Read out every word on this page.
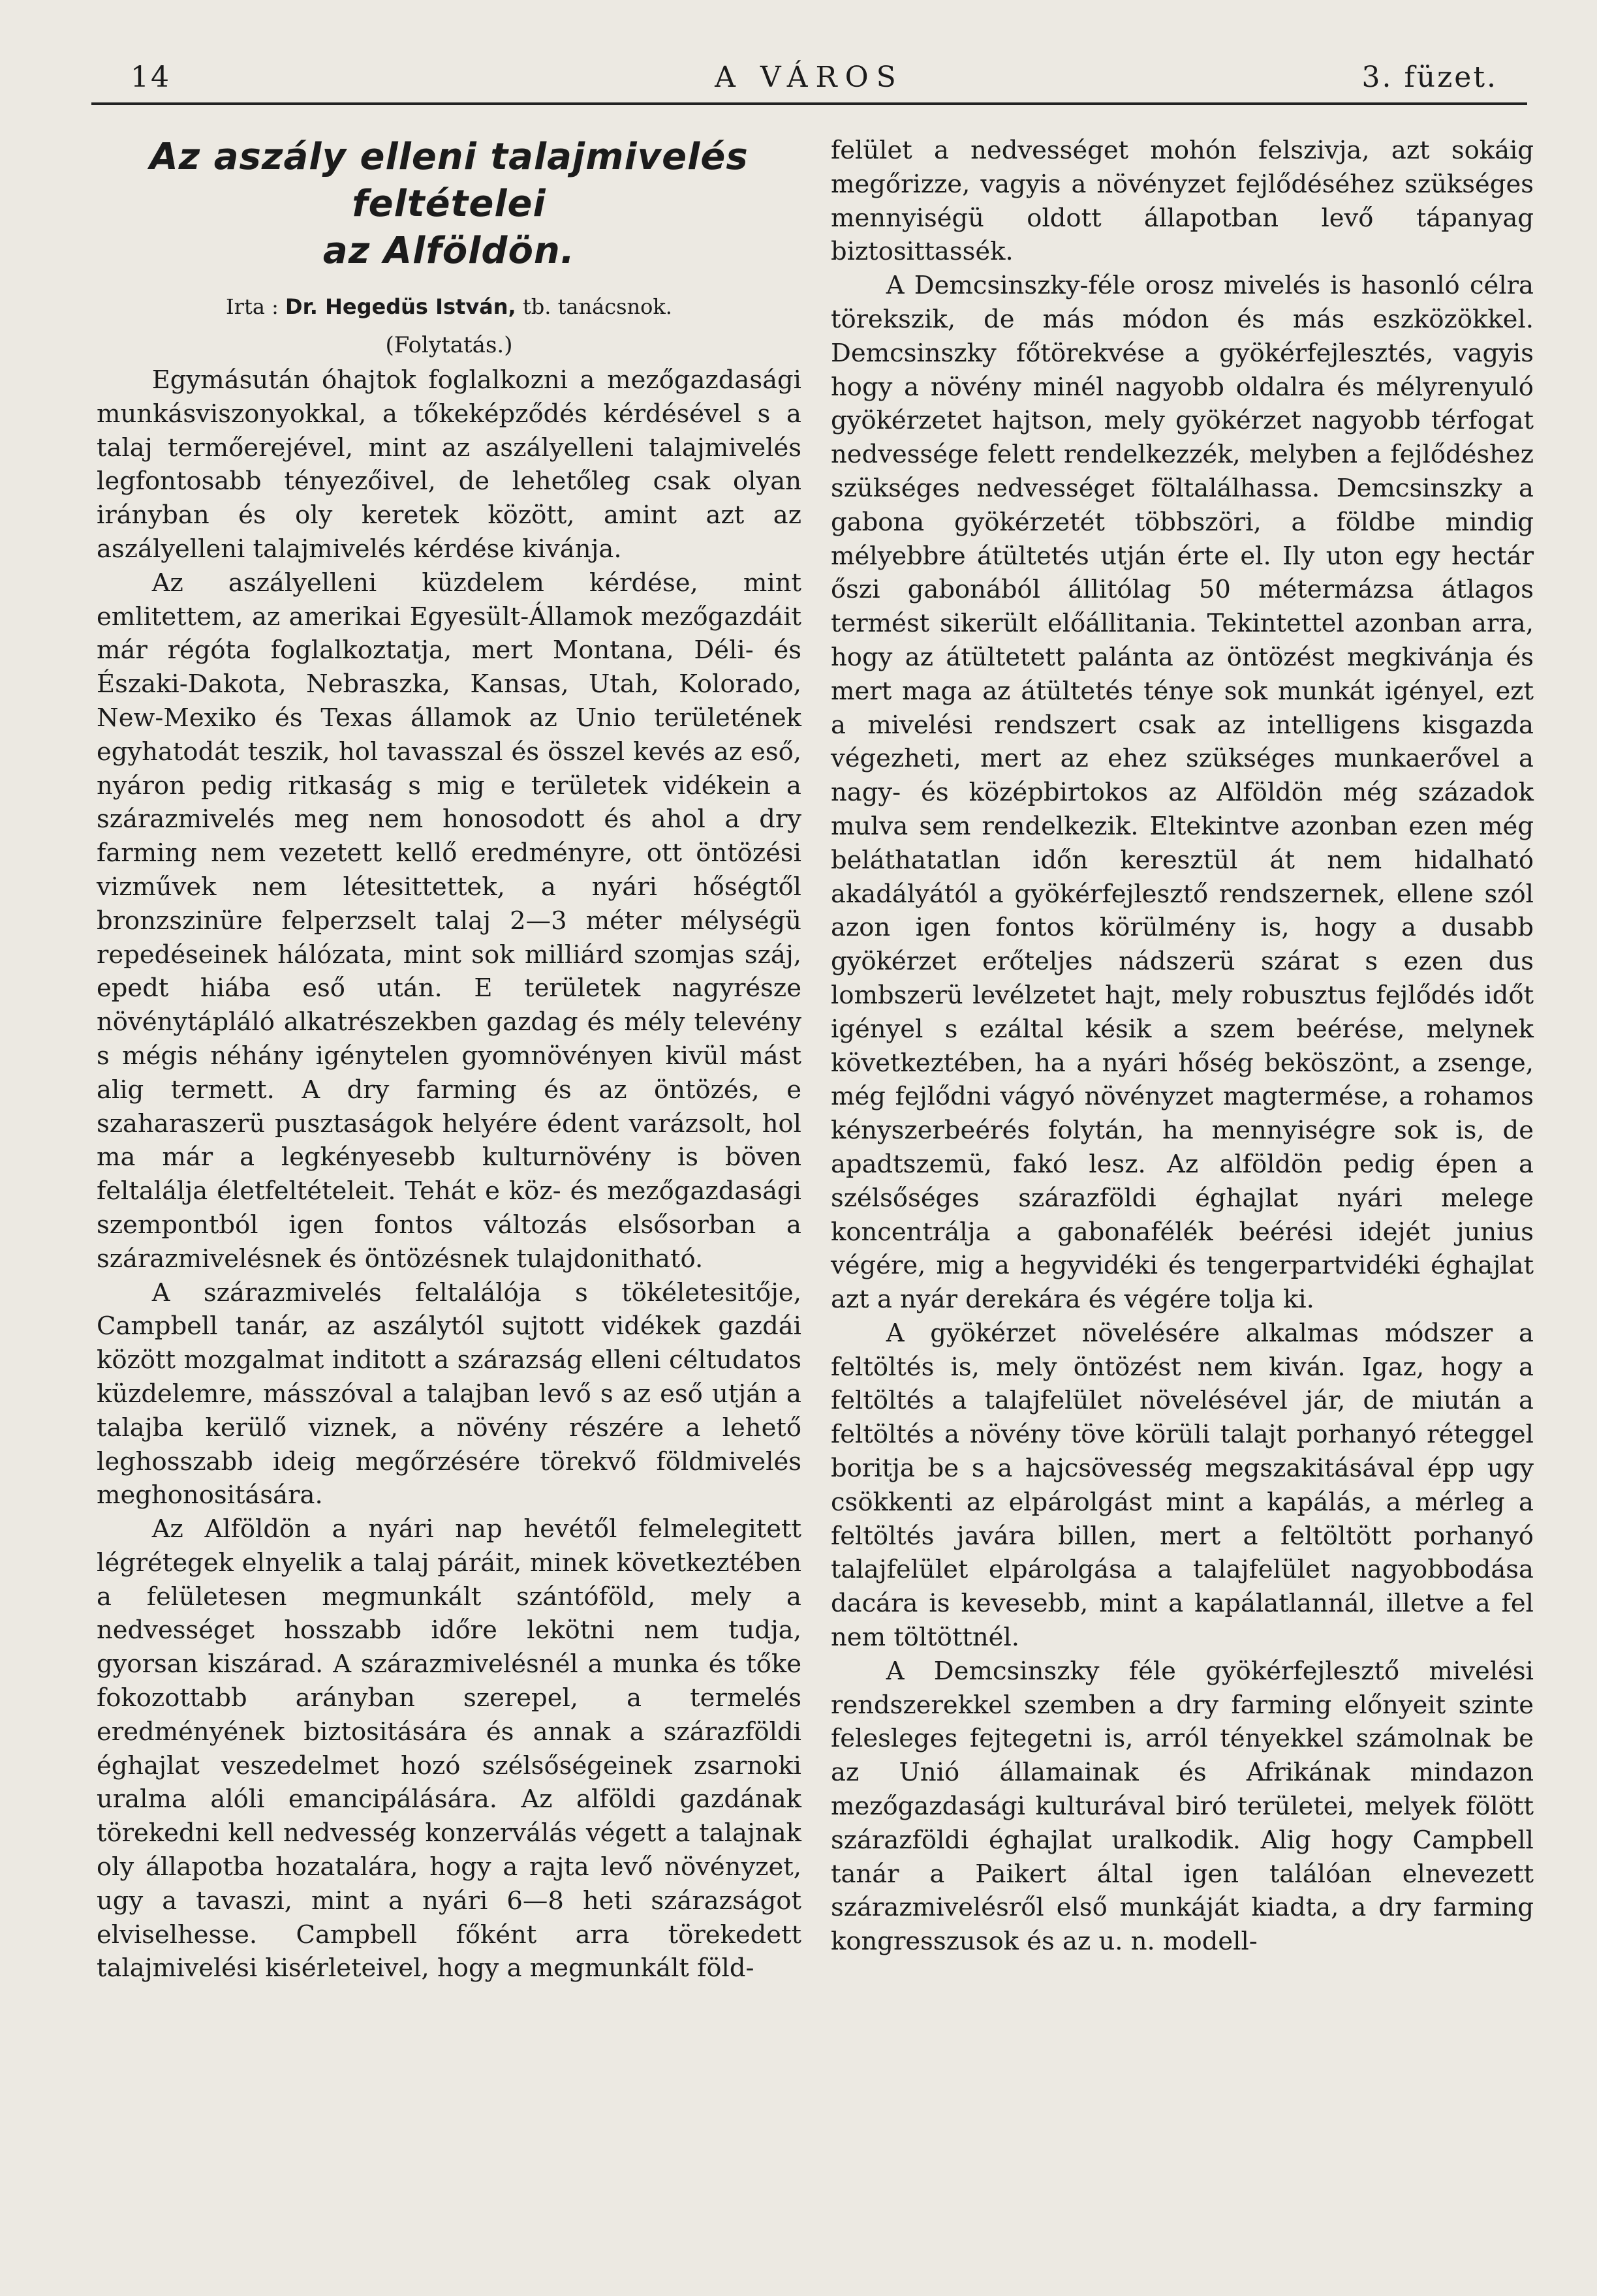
14	A VÁROS	3. füzet.
Az aszály elleni talajmivelés feltételei
az Alföldön.
Irta : Dr. Hegedüs István, tb. tanácsnok.
(Folytatás.)

Egymásután óhajtok foglalkozni a mezőgazdasági munkásviszonyokkal, a tőkeképződés kérdésével s a talaj termőerejével, mint az aszályelleni talajmivelés legfontosabb tényezőivel, de lehetőleg csak olyan irányban és oly keretek között, amint azt az aszályelleni talajmivelés kérdése kivánja.

Az aszályelleni küzdelem kérdése, mint emlitettem, az amerikai Egyesült-Államok mezőgazdáit már régóta foglalkoztatja, mert Montana, Déli- és Északi-Dakota, Nebraszka, Kansas, Utah, Kolorado, New-Mexiko és Texas államok az Unio területének egyhatodát teszik, hol tavasszal és összel kevés az eső, nyáron pedig ritkaság s mig e területek vidékein a szárazmivelés meg nem honosodott és ahol a dry farming nem vezetett kellő eredményre, ott öntözési vizművek nem létesittettek, a nyári hőségtől bronzszinüre felperzselt talaj 2—3 méter mélységü repedéseinek hálózata, mint sok milliárd szomjas száj, epedt hiába eső után. E területek nagyrésze növénytápláló alkatrészekben gazdag és mély televény s mégis néhány igénytelen gyomnövényen kivül mást alig termett. A dry farming és az öntözés, e szaharaszerü pusztaságok helyére édent varázsolt, hol ma már a legkényesebb kulturnövény is böven feltalálja életfeltételeit. Tehát e köz- és mezőgazdasági szempontból igen fontos változás elsősorban a szárazmivelésnek és öntözésnek tulajdonitható.

A szárazmivelés feltalálója s tökéletesitője, Campbell tanár, az aszálytól sujtott vidékek gazdái között mozgalmat inditott a szárazság elleni céltudatos küzdelemre, másszóval a talajban levő s az eső utján a talajba kerülő viznek, a növény részére a lehető leghosszabb ideig megőrzésére törekvő földmivelés meghonositására.

Az Alföldön a nyári nap hevétől felmelegitett légrétegek elnyelik a talaj páráit, minek következtében a felületesen megmunkált szántóföld, mely a nedvességet hosszabb időre lekötni nem tudja, gyorsan kiszárad. A szárazmivelésnél a munka és tőke fokozottabb arányban szerepel, a termelés eredményének biztositására és annak a szárazföldi éghajlat veszedelmet hozó szélsőségeinek zsarnoki uralma alóli emancipálására. Az alföldi gazdának törekedni kell nedvesség konzerválás végett a talajnak oly állapotba hozatalára, hogy a rajta levő növényzet, ugy a tavaszi, mint a nyári 6—8 heti szárazságot elviselhesse. Campbell főként arra törekedett talajmivelési kisérleteivel, hogy a megmunkált föld-

felület a nedvességet mohón felszivja, azt sokáig megőrizze, vagyis a növényzet fejlődéséhez szükséges mennyiségü oldott állapotban levő tápanyag biztosittassék.

A Demcsinszky-féle orosz mivelés is hasonló célra törekszik, de más módon és más eszközökkel. Demcsinszky főtörekvése a gyökérfejlesztés, vagyis hogy a növény minél nagyobb oldalra és mélyrenyuló gyökérzetet hajtson, mely gyökérzet nagyobb térfogat nedvessége felett rendelkezzék, melyben a fejlődéshez szükséges nedvességet föltalálhassa. Demcsinszky a gabona gyökérzetét többszöri, a földbe mindig mélyebbre átültetés utján érte el. Ily uton egy hectár őszi gabonából állitólag 50 métermázsa átlagos termést sikerült előállitania. Tekintettel azonban arra, hogy az átültetett palánta az öntözést megkivánja és mert maga az átültetés ténye sok munkát igényel, ezt a mivelési rendszert csak az intelligens kisgazda végezheti, mert az ehez szükséges munkaerővel a nagy- és középbirtokos az Alföldön még századok mulva sem rendelkezik. Eltekintve azonban ezen még beláthatatlan időn keresztül át nem hidalható akadályától a gyökérfejlesztő rendszernek, ellene szól azon igen fontos körülmény is, hogy a dusabb gyökérzet erőteljes nádszerü szárat s ezen dus lombszerü levélzetet hajt, mely robusztus fejlődés időt igényel s ezáltal késik a szem beérése, melynek következtében, ha a nyári hőség beköszönt, a zsenge, még fejlődni vágyó növényzet magtermése, a rohamos kényszerbeérés folytán, ha mennyiségre sok is, de apadtszemü, fakó lesz. Az alföldön pedig épen a szélsőséges szárazföldi éghajlat nyári melege koncentrálja a gabonafélék beérési idejét junius végére, mig a hegyvidéki és tengerpartvidéki éghajlat azt a nyár derekára és végére tolja ki.

A gyökérzet növelésére alkalmas módszer a feltöltés is, mely öntözést nem kiván. Igaz, hogy a feltöltés a talajfelület növelésével jár, de miután a feltöltés a növény töve körüli talajt porhanyó réteggel boritja be s a hajcsövesség megszakitásával épp ugy csökkenti az elpárolgást mint a kapálás, a mérleg a feltöltés javára billen, mert a feltöltött porhanyó talajfelület elpárolgása a talajfelület nagyobbodása dacára is kevesebb, mint a kapálatlannál, illetve a fel nem töltöttnél.

A Demcsinszky féle gyökérfejlesztő mivelési rendszerekkel szemben a dry farming előnyeit szinte felesleges fejtegetni is, arról tényekkel számolnak be az Unió államainak és Afrikának mindazon mezőgazdasági kulturával biró területei, melyek fölött szárazföldi éghajlat uralkodik. Alig hogy Campbell tanár a Paikert által igen találóan elnevezett szárazmivelésről első munkáját kiadta, a dry farming kongresszusok és az u. n. modell-
